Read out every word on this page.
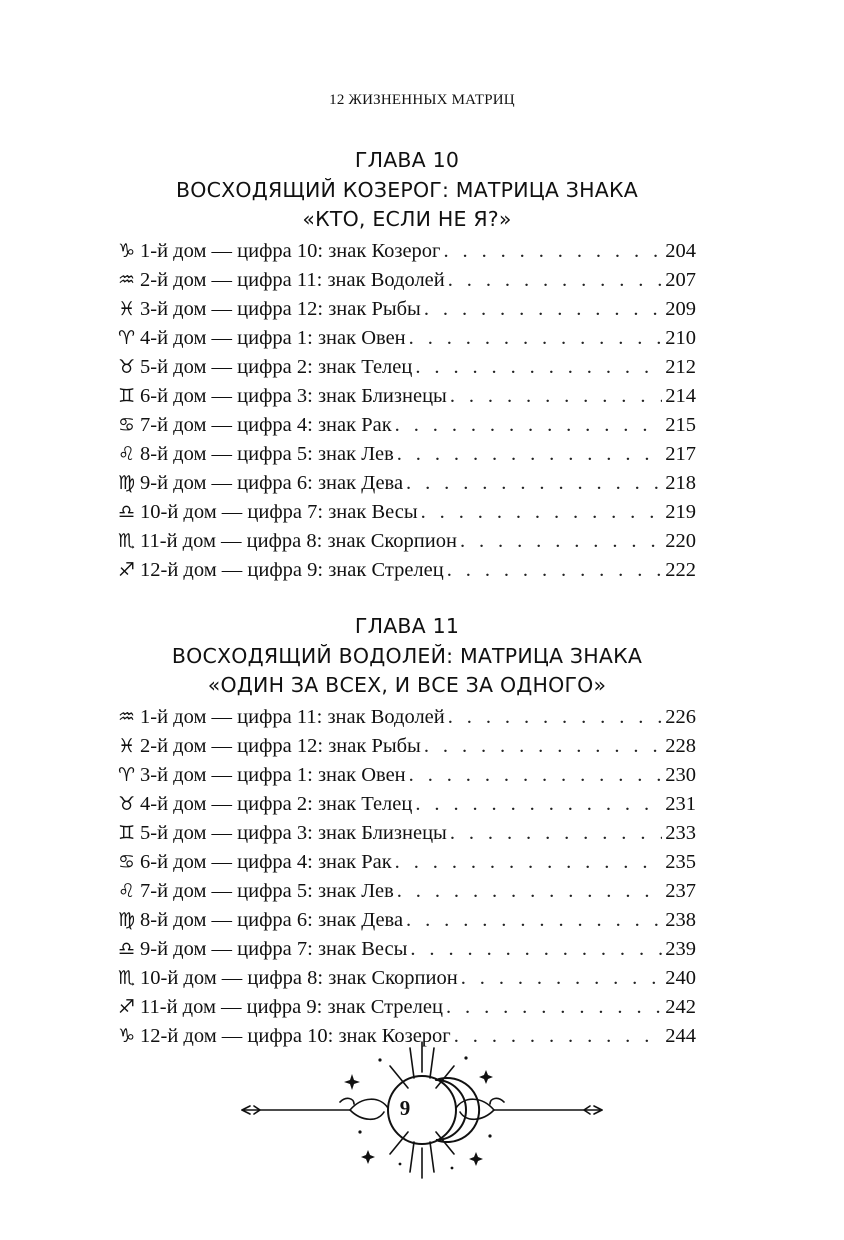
12 ЖИЗНЕННЫХ МАТРИЦ
ГЛАВА 10
ВОСХОДЯЩИЙ КОЗЕРОГ: МАТРИЦА ЗНАКА
«КТО, ЕСЛИ НЕ Я?»
♑ 1-й дом — цифра 10: знак Козерог . . .	204
♒ 2-й дом — цифра 11: знак Водолей . . .	207
♓ 3-й дом — цифра 12: знак Рыбы . . .	209
♈ 4-й дом — цифра 1: знак Овен . . .	210
♉ 5-й дом — цифра 2: знак Телец . . .	212
♊ 6-й дом — цифра 3: знак Близнецы . . .	214
♋ 7-й дом — цифра 4: знак Рак . . .	215
♌ 8-й дом — цифра 5: знак Лев . . .	217
♍ 9-й дом — цифра 6: знак Дева . . .	218
♎ 10-й дом — цифра 7: знак Весы . . .	219
♏ 11-й дом — цифра 8: знак Скорпион . . .	220
♐ 12-й дом — цифра 9: знак Стрелец . . .	222
ГЛАВА 11
ВОСХОДЯЩИЙ ВОДОЛЕЙ: МАТРИЦА ЗНАКА
«ОДИН ЗА ВСЕХ, И ВСЕ ЗА ОДНОГО»
♒ 1-й дом — цифра 11: знак Водолей . . .	226
♓ 2-й дом — цифра 12: знак Рыбы . . .	228
♈ 3-й дом — цифра 1: знак Овен . . .	230
♉ 4-й дом — цифра 2: знак Телец . . .	231
♊ 5-й дом — цифра 3: знак Близнецы . . .	233
♋ 6-й дом — цифра 4: знак Рак . . .	235
♌ 7-й дом — цифра 5: знак Лев . . .	237
♍ 8-й дом — цифра 6: знак Дева . . .	238
♎ 9-й дом — цифра 7: знак Весы . . .	239
♏ 10-й дом — цифра 8: знак Скорпион . . .	240
♐ 11-й дом — цифра 9: знак Стрелец . . .	242
♑ 12-й дом — цифра 10: знак Козерог . . .	244
9
